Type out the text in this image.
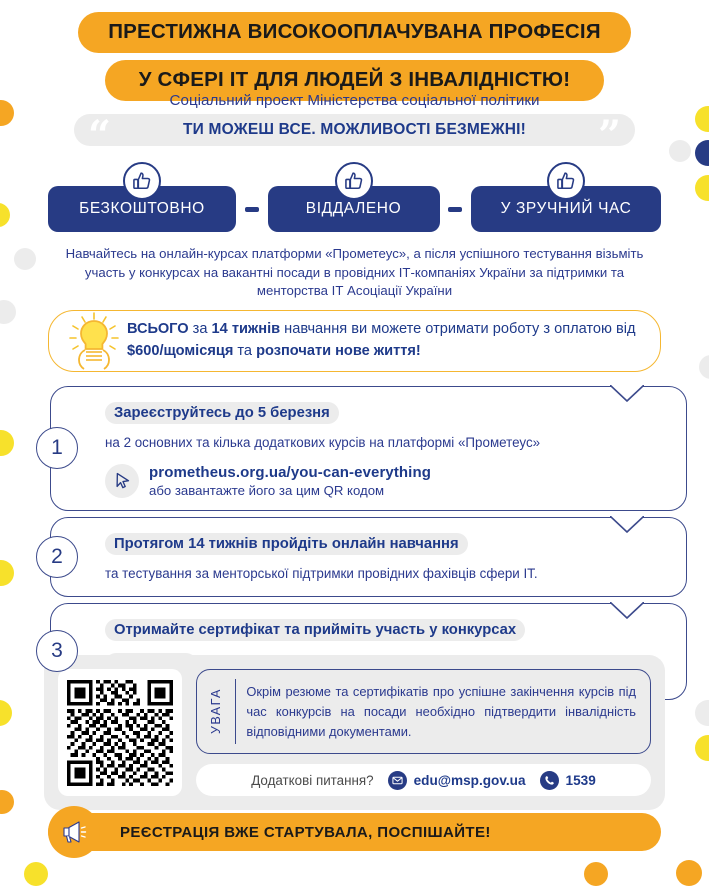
ПРЕСТИЖНА ВИСОКООПЛАЧУВАНА ПРОФЕСІЯ
У СФЕРІ ІТ ДЛЯ ЛЮДЕЙ З ІНВАЛІДНІСТЮ!
Соціальний проект Міністерства соціальної політики
“	ТИ МОЖЕШ ВСЕ. МОЖЛИВОСТІ БЕЗМЕЖНІ! ”
БЕЗКОШТОВНО	ВІДДАЛЕНО	У ЗРУЧНИЙ ЧАС
Навчайтесь на онлайн-курсах платформи «Прометеус», а після успішного тестування візьміть участь у конкурсах на вакантні посади в провідних ІТ-компаніях України за підтримки та менторства ІТ Асоціації України
ВСЬОГО за 14 тижнів навчання ви можете отримати роботу з оплатою від $600/щомісяця та розпочати нове життя!
Зареєструйтесь до 5 березня
на 2 основних та кілька додаткових курсів на платформі «Прометеус»
prometheus.org.ua/you-can-everything
або завантажте його за цим QR кодом
1
Протягом 14 тижнів пройдіть онлайн навчання
та тестування за менторської підтримки провідних фахівців сфери ІТ.
2
Отримайте сертифікат та прийміть участь у конкурсах
3
УВАГА Окрім резюме та сертифікатів про успішне закінчення курсів під час конкурсів на посади необхідно підтвердити інвалідність відповідними документами.
Додаткові питання?	edu@msp.gov.ua	1539
РЕЄСТРАЦІЯ ВЖЕ СТАРТУВАЛА, ПОСПІШАЙТЕ!
